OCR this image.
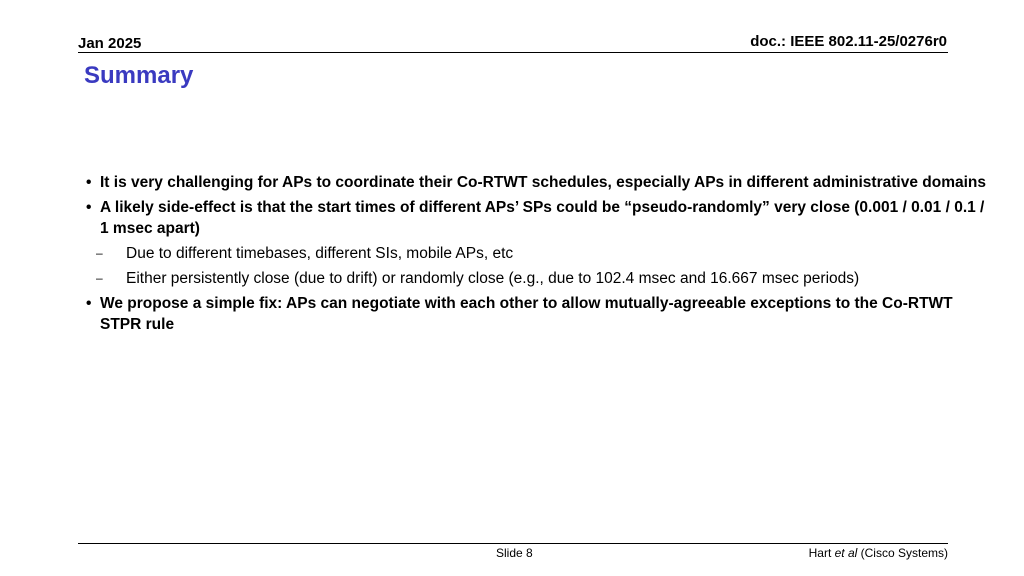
Jan 2025	doc.: IEEE 802.11-25/0276r0
Summary
• It is very challenging for APs to coordinate their Co-RTWT schedules, especially APs in different administrative domains
• A likely side-effect is that the start times of different APs’ SPs could be “pseudo-randomly” very close (0.001 / 0.01 / 0.1 / 1 msec apart)
– Due to different timebases, different SIs, mobile APs, etc
– Either persistently close (due to drift) or randomly close (e.g., due to 102.4 msec and 16.667 msec periods)
• We propose a simple fix: APs can negotiate with each other to allow mutually-agreeable exceptions to the Co-RTWT STPR rule
Slide 8	Hart et al (Cisco Systems)
